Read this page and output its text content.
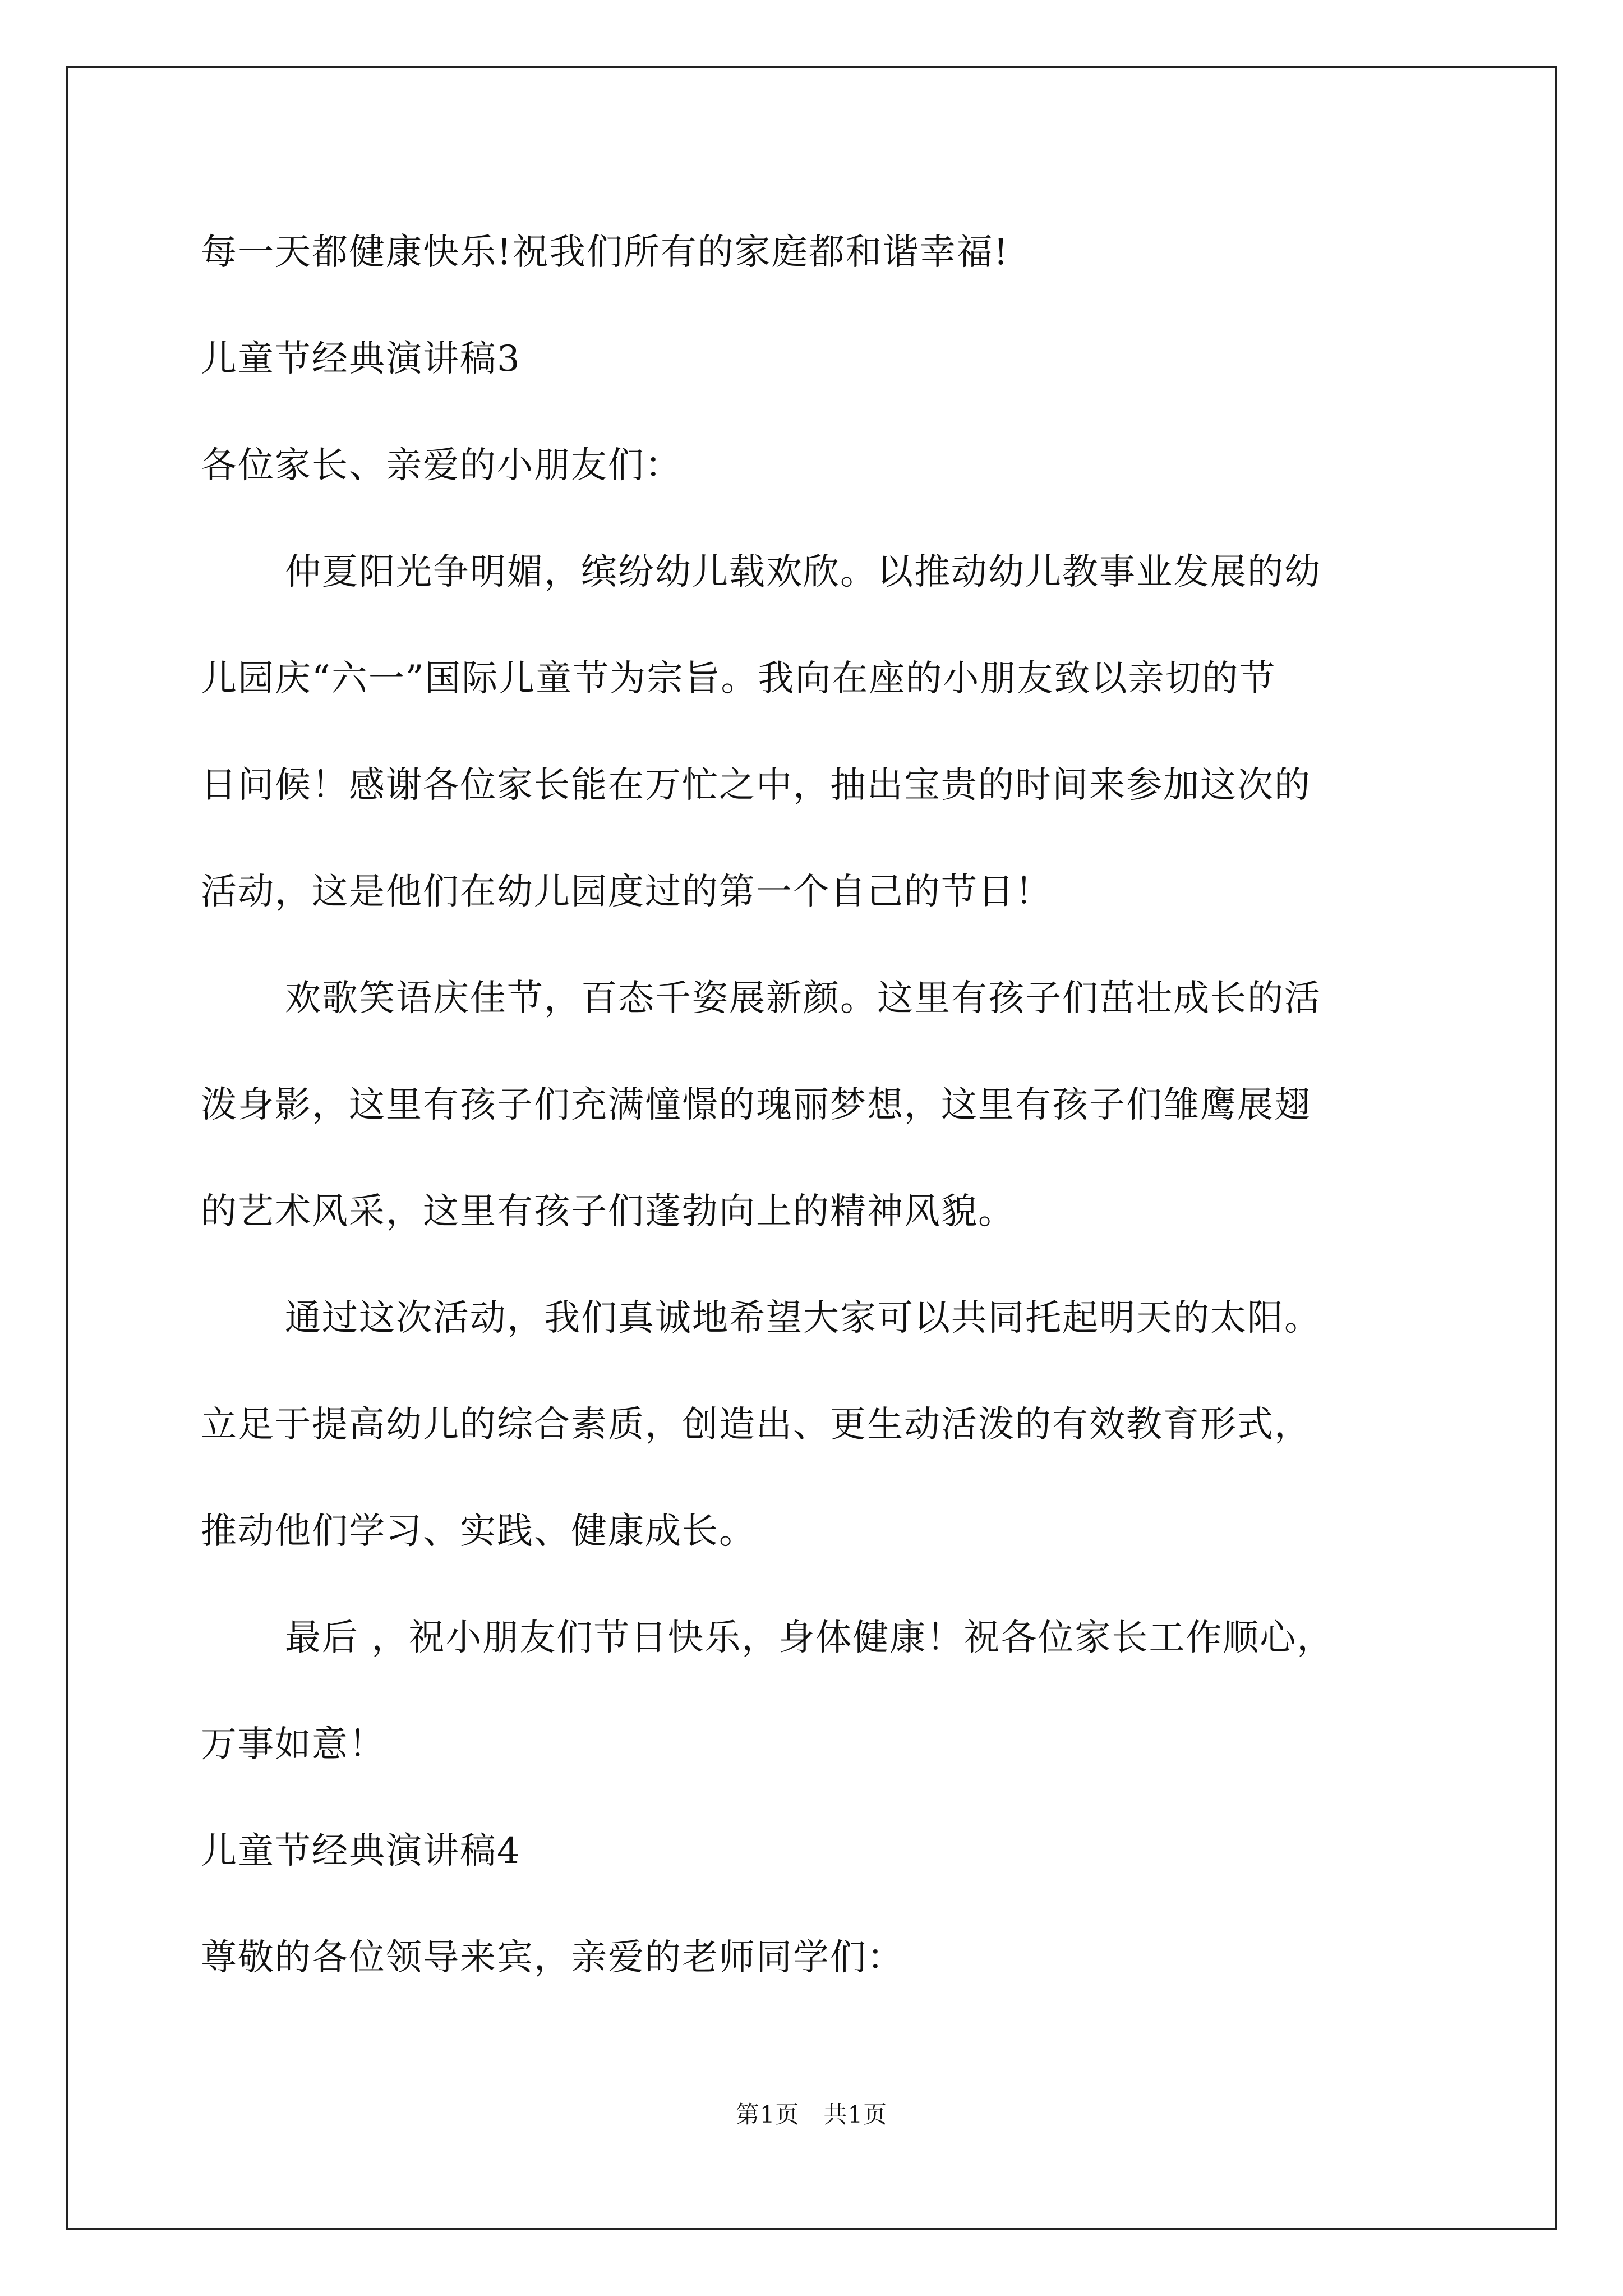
每一天都健康快乐!祝我们所有的家庭都和谐幸福!
儿童节经典演讲稿3
各位家长、亲爱的小朋友们：
仲夏阳光争明媚，缤纷幼儿载欢欣。以推动幼儿教事业发展的幼
儿园庆“六一”国际儿童节为宗旨。我向在座的小朋友致以亲切的节
日问候！感谢各位家长能在万忙之中，抽出宝贵的时间来参加这次的
活动，这是他们在幼儿园度过的第一个自己的节日！
欢歌笑语庆佳节，百态千姿展新颜。这里有孩子们茁壮成长的活
泼身影，这里有孩子们充满憧憬的瑰丽梦想，这里有孩子们雏鹰展翅
的艺术风采，这里有孩子们蓬勃向上的精神风貌。
通过这次活动，我们真诚地希望大家可以共同托起明天的太阳。
立足于提高幼儿的综合素质，创造出、更生动活泼的有效教育形式，
推动他们学习、实践、健康成长。
最后 ，祝小朋友们节日快乐，身体健康！祝各位家长工作顺心，
万事如意！
儿童节经典演讲稿4
尊敬的各位领导来宾，亲爱的老师同学们：
第1页　共1页
